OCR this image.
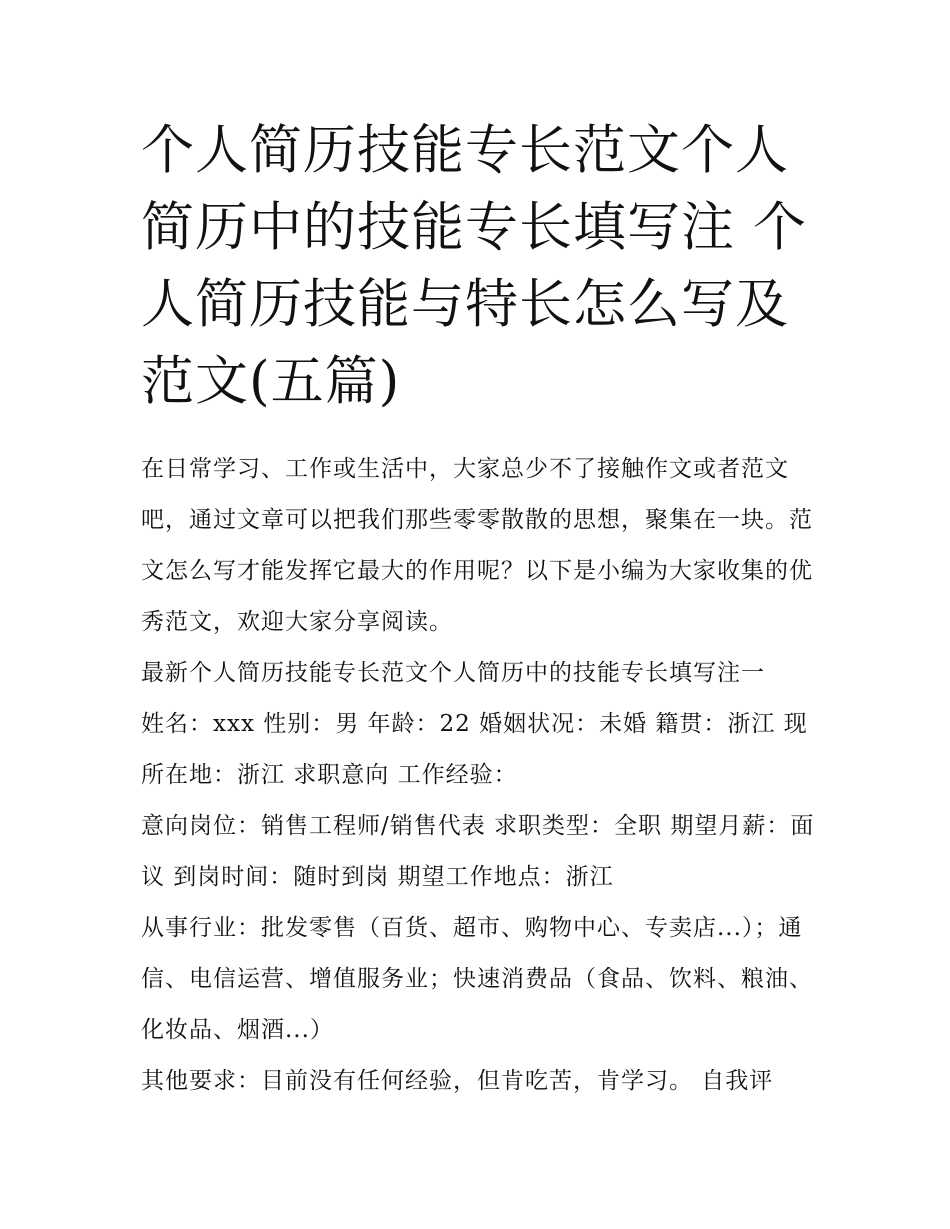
个人简历技能专长范文个人简历中的技能专长填写注 个人简历技能与特长怎么写及范文(五篇)

在日常学习、工作或生活中，大家总少不了接触作文或者范文吧，通过文章可以把我们那些零零散散的思想，聚集在一块。范文怎么写才能发挥它最大的作用呢？以下是小编为大家收集的优秀范文，欢迎大家分享阅读。

最新个人简历技能专长范文个人简历中的技能专长填写注一

姓名：xxx 性别：男 年龄：22 婚姻状况：未婚 籍贯：浙江 现所在地：浙江 求职意向 工作经验：

意向岗位：销售工程师/销售代表 求职类型：全职 期望月薪：面议 到岗时间：随时到岗 期望工作地点：浙江

从事行业：批发零售（百货、超市、购物中心、专卖店...）；通信、电信运营、增值服务业；快速消费品（食品、饮料、粮油、化妆品、烟酒...）

其他要求：目前没有任何经验，但肯吃苦，肯学习。 自我评
